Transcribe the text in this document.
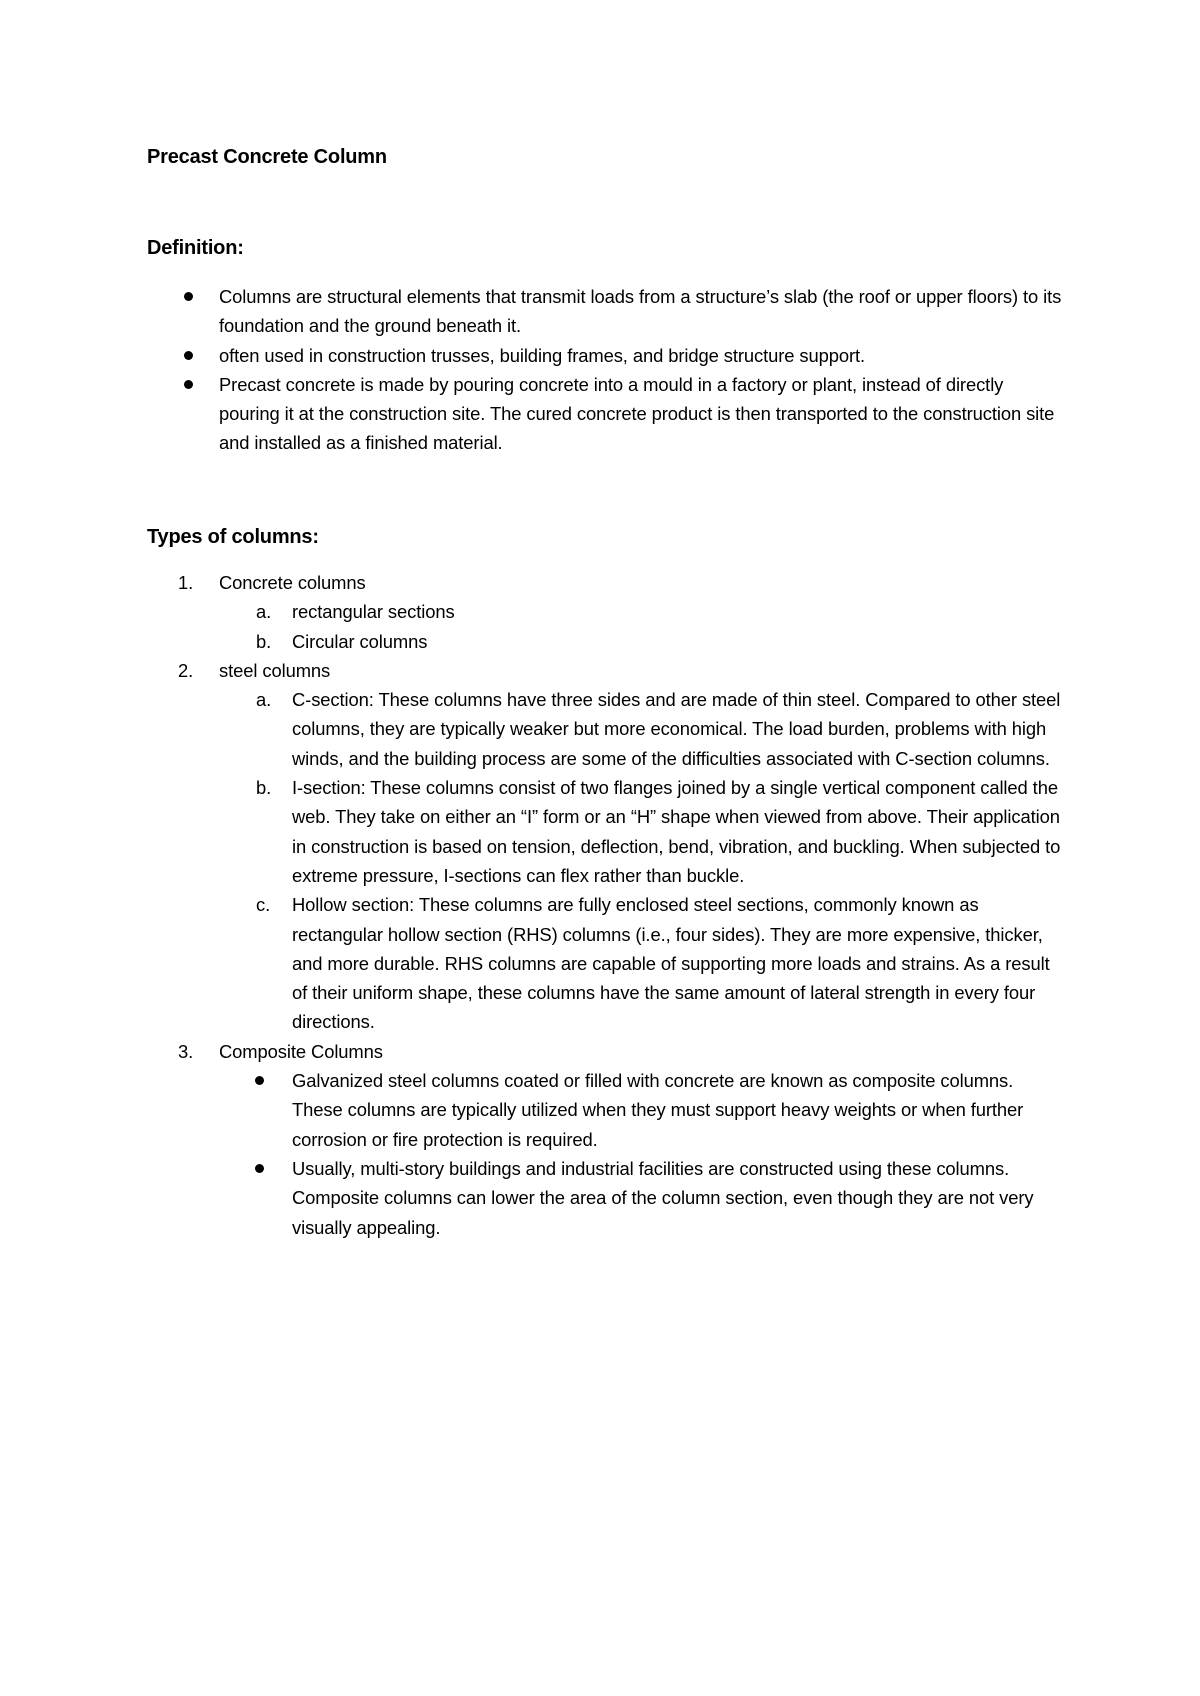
Precast Concrete Column
Definition:
Columns are structural elements that transmit loads from a structure’s slab (the roof or upper floors) to its foundation and the ground beneath it.
often used in construction trusses, building frames, and bridge structure support.
Precast concrete is made by pouring concrete into a mould in a factory or plant, instead of directly pouring it at the construction site. The cured concrete product is then transported to the construction site and installed as a finished material.
Types of columns:
1. Concrete columns
a. rectangular sections
b. Circular columns
2. steel columns
a. C-section: These columns have three sides and are made of thin steel. Compared to other steel columns, they are typically weaker but more economical. The load burden, problems with high winds, and the building process are some of the difficulties associated with C-section columns.
b. I-section: These columns consist of two flanges joined by a single vertical component called the web. They take on either an “I” form or an “H” shape when viewed from above. Their application in construction is based on tension, deflection, bend, vibration, and buckling. When subjected to extreme pressure, I-sections can flex rather than buckle.
c. Hollow section: These columns are fully enclosed steel sections, commonly known as rectangular hollow section (RHS) columns (i.e., four sides). They are more expensive, thicker, and more durable. RHS columns are capable of supporting more loads and strains. As a result of their uniform shape, these columns have the same amount of lateral strength in every four directions.
3. Composite Columns
Galvanized steel columns coated or filled with concrete are known as composite columns. These columns are typically utilized when they must support heavy weights or when further corrosion or fire protection is required.
Usually, multi-story buildings and industrial facilities are constructed using these columns. Composite columns can lower the area of the column section, even though they are not very visually appealing.
